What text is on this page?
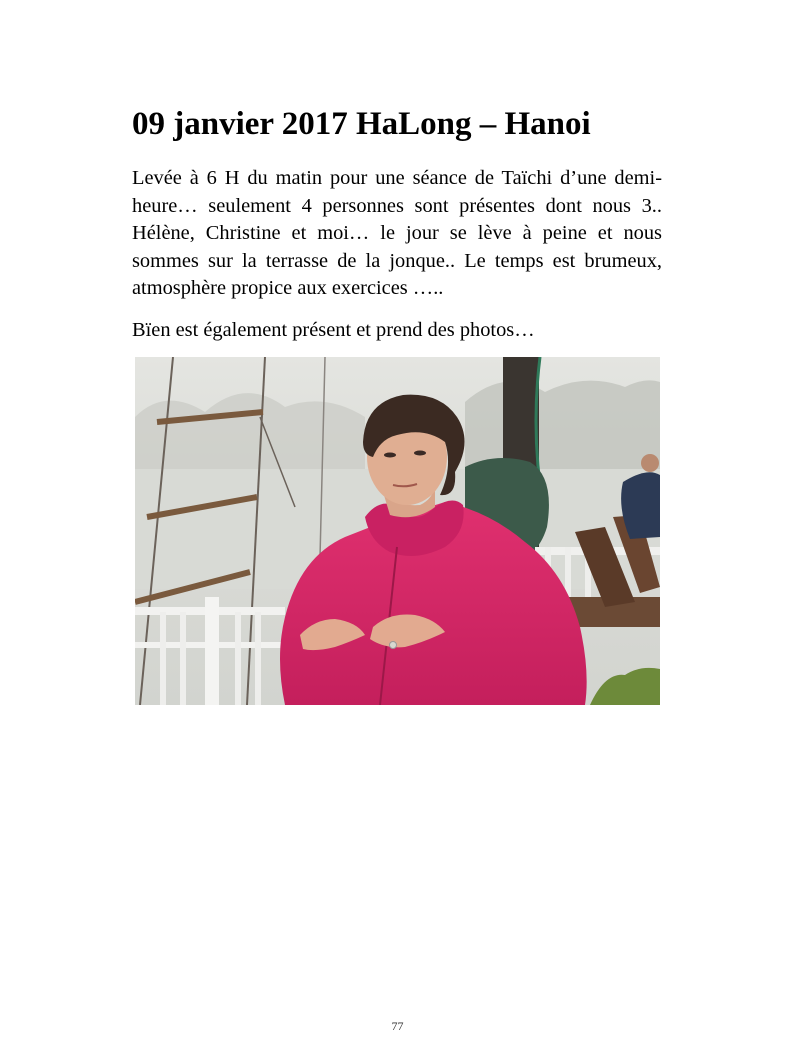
09 janvier 2017 HaLong – Hanoi

Levée à 6 H du matin pour une séance de Taïchi d’une demi-heure… seulement 4 personnes sont présentes dont nous 3.. Hélène, Christine et moi… le jour se lève à peine et nous sommes sur la terrasse de la jonque.. Le temps est brumeux, atmosphère propice aux exercices …..

Bïen est également présent et prend des photos…

77
